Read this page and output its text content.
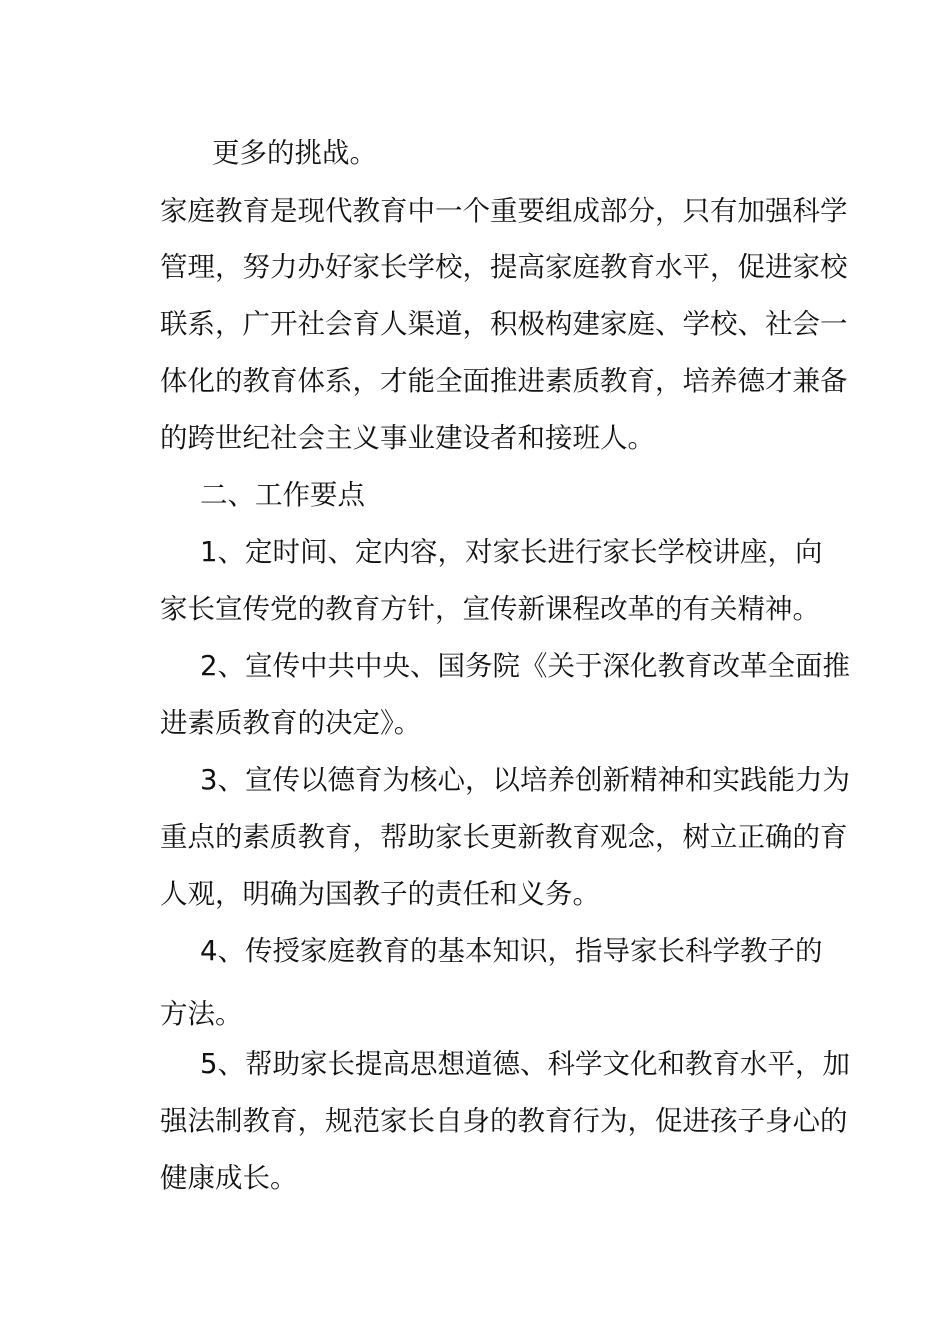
更多的挑战。
家庭教育是现代教育中一个重要组成部分，只有加强科学
管理，努力办好家长学校，提高家庭教育水平，促进家校
联系，广开社会育人渠道，积极构建家庭、学校、社会一
体化的教育体系，才能全面推进素质教育，培养德才兼备
的跨世纪社会主义事业建设者和接班人。
二、工作要点
1、定时间、定内容，对家长进行家长学校讲座，向
家长宣传党的教育方针，宣传新课程改革的有关精神。
2、宣传中共中央、国务院《关于深化教育改革全面推
进素质教育的决定》。
3、宣传以德育为核心，以培养创新精神和实践能力为
重点的素质教育，帮助家长更新教育观念，树立正确的育
人观，明确为国教子的责任和义务。
4、传授家庭教育的基本知识，指导家长科学教子的
方法。
5、帮助家长提高思想道德、科学文化和教育水平，加
强法制教育，规范家长自身的教育行为，促进孩子身心的
健康成长。
